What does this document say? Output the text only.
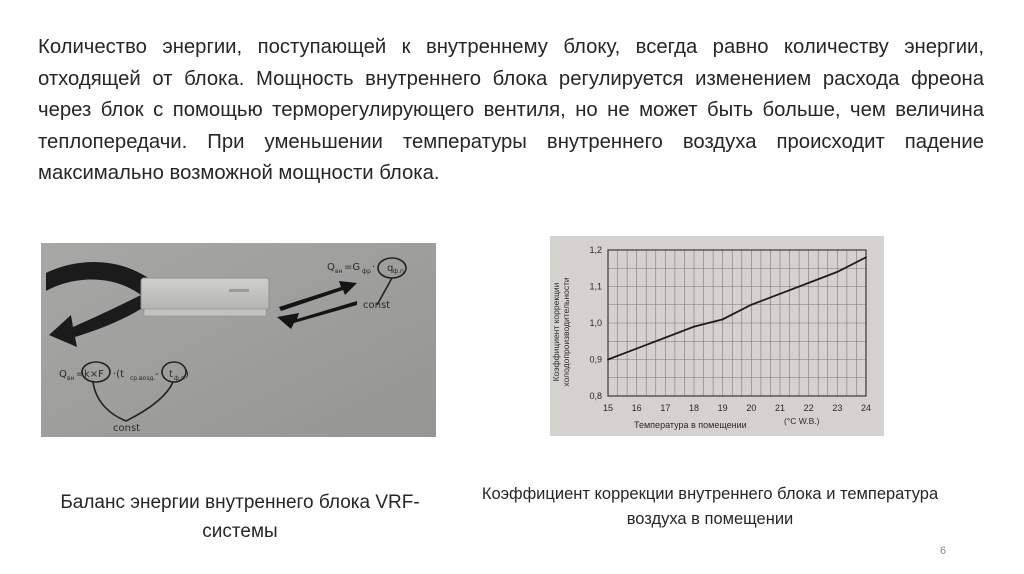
Количество энергии, поступающей к внутреннему блоку, всегда равно количеству энергии, отходящей от блока. Мощность внутреннего блока регулируется изменением расхода фреона через блок с помощью терморегулирующего вентиля, но не может быть больше, чем величина теплопередачи. При уменьшении температуры внутреннего воздуха происходит падение максимально возможной мощности блока.

Q вн =G фр · q ф.п
const
Q вн = k×F ·(t ср.возд. - t ф.п )
const
0,8
0,9
1,0
1,1
1,2
15 16 17 18 19 20 21 22 23 24
Коэффициент коррекции холодопроизводительности
Температура в помещении	(°C W.B.)
Баланс энергии внутреннего блока VRF-системы
Коэффициент коррекции внутреннего блока и температура воздуха в помещении
6
